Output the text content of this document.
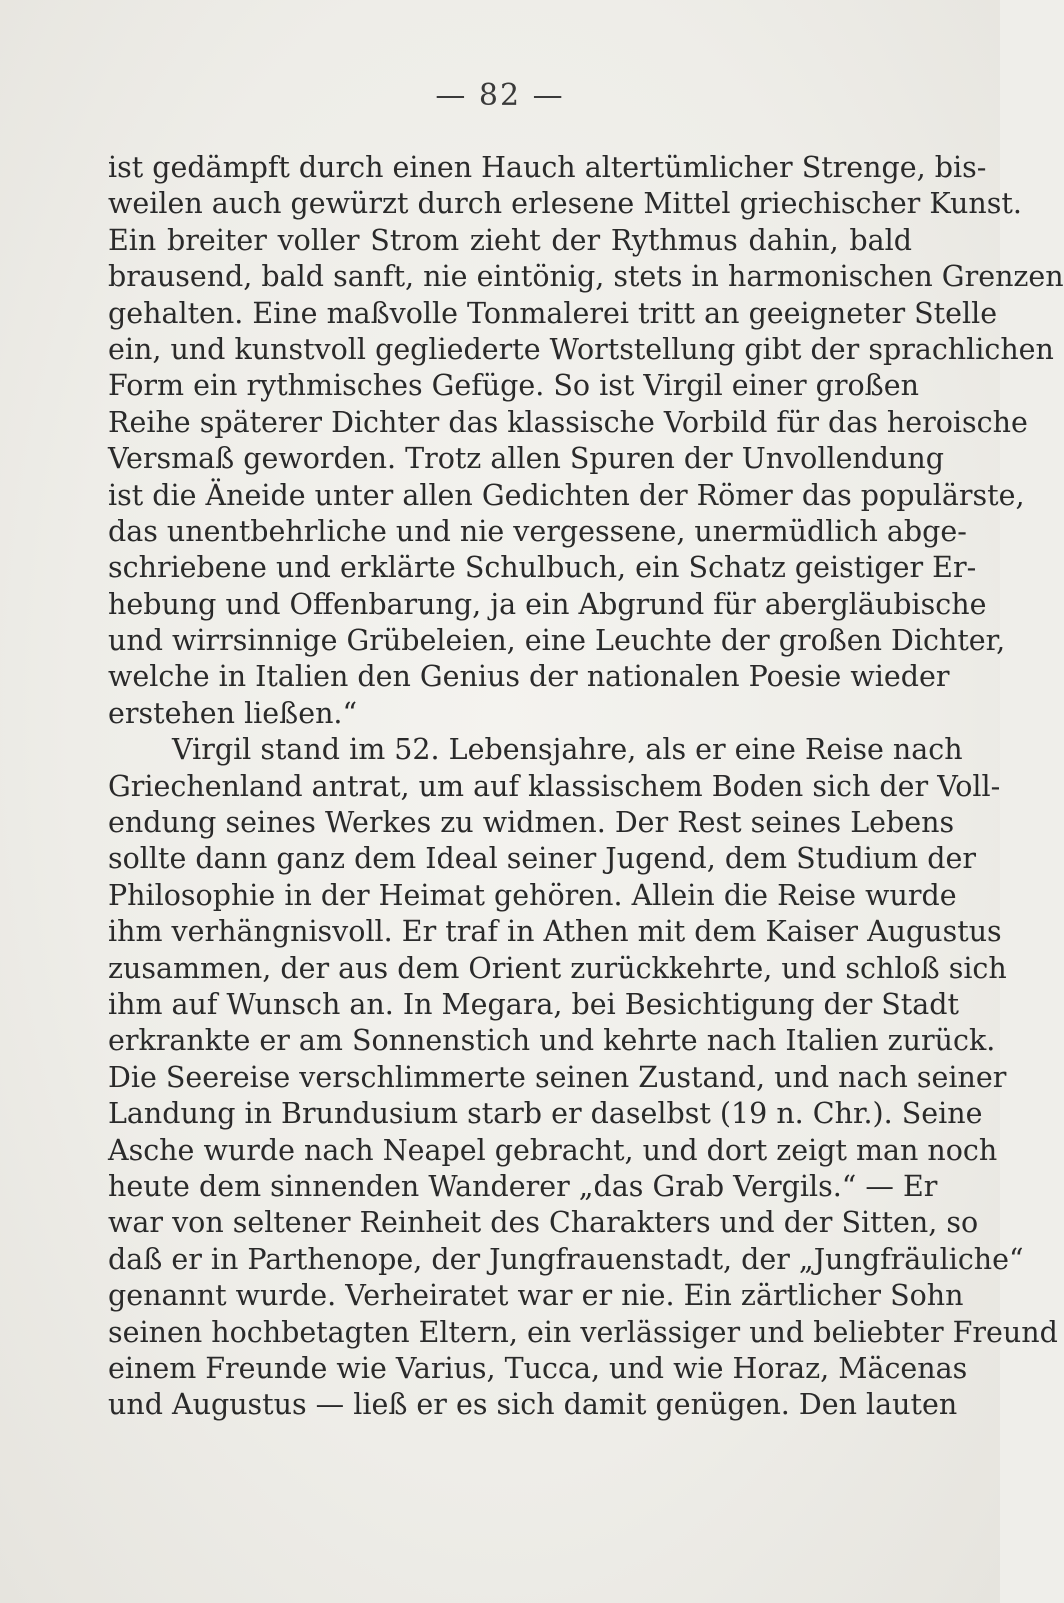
— 82 —
ist gedämpft durch einen Hauch altertümlicher Strenge, bis-
weilen auch gewürzt durch erlesene Mittel griechischer Kunst.
Ein breiter voller Strom zieht der Rythmus dahin, bald
brausend, bald sanft, nie eintönig, stets in harmonischen Grenzen
gehalten. Eine maßvolle Tonmalerei tritt an geeigneter Stelle
ein, und kunstvoll gegliederte Wortstellung gibt der sprachlichen
Form ein rythmisches Gefüge. So ist Virgil einer großen
Reihe späterer Dichter das klassische Vorbild für das heroische
Versmaß geworden. Trotz allen Spuren der Unvollendung
ist die Äneide unter allen Gedichten der Römer das populärste,
das unentbehrliche und nie vergessene, unermüdlich abge-
schriebene und erklärte Schulbuch, ein Schatz geistiger Er-
hebung und Offenbarung, ja ein Abgrund für abergläubische
und wirrsinnige Grübeleien, eine Leuchte der großen Dichter,
welche in Italien den Genius der nationalen Poesie wieder
erstehen ließen.“
Virgil stand im 52. Lebensjahre, als er eine Reise nach
Griechenland antrat, um auf klassischem Boden sich der Voll-
endung seines Werkes zu widmen. Der Rest seines Lebens
sollte dann ganz dem Ideal seiner Jugend, dem Studium der
Philosophie in der Heimat gehören. Allein die Reise wurde
ihm verhängnisvoll. Er traf in Athen mit dem Kaiser Augustus
zusammen, der aus dem Orient zurückkehrte, und schloß sich
ihm auf Wunsch an. In Megara, bei Besichtigung der Stadt
erkrankte er am Sonnenstich und kehrte nach Italien zurück.
Die Seereise verschlimmerte seinen Zustand, und nach seiner
Landung in Brundusium starb er daselbst (19 n. Chr.). Seine
Asche wurde nach Neapel gebracht, und dort zeigt man noch
heute dem sinnenden Wanderer „das Grab Vergils.“ — Er
war von seltener Reinheit des Charakters und der Sitten, so
daß er in Parthenope, der Jungfrauenstadt, der „Jungfräuliche“
genannt wurde. Verheiratet war er nie. Ein zärtlicher Sohn
seinen hochbetagten Eltern, ein verlässiger und beliebter Freund
einem Freunde wie Varius, Tucca, und wie Horaz, Mäcenas
und Augustus — ließ er es sich damit genügen. Den lauten
